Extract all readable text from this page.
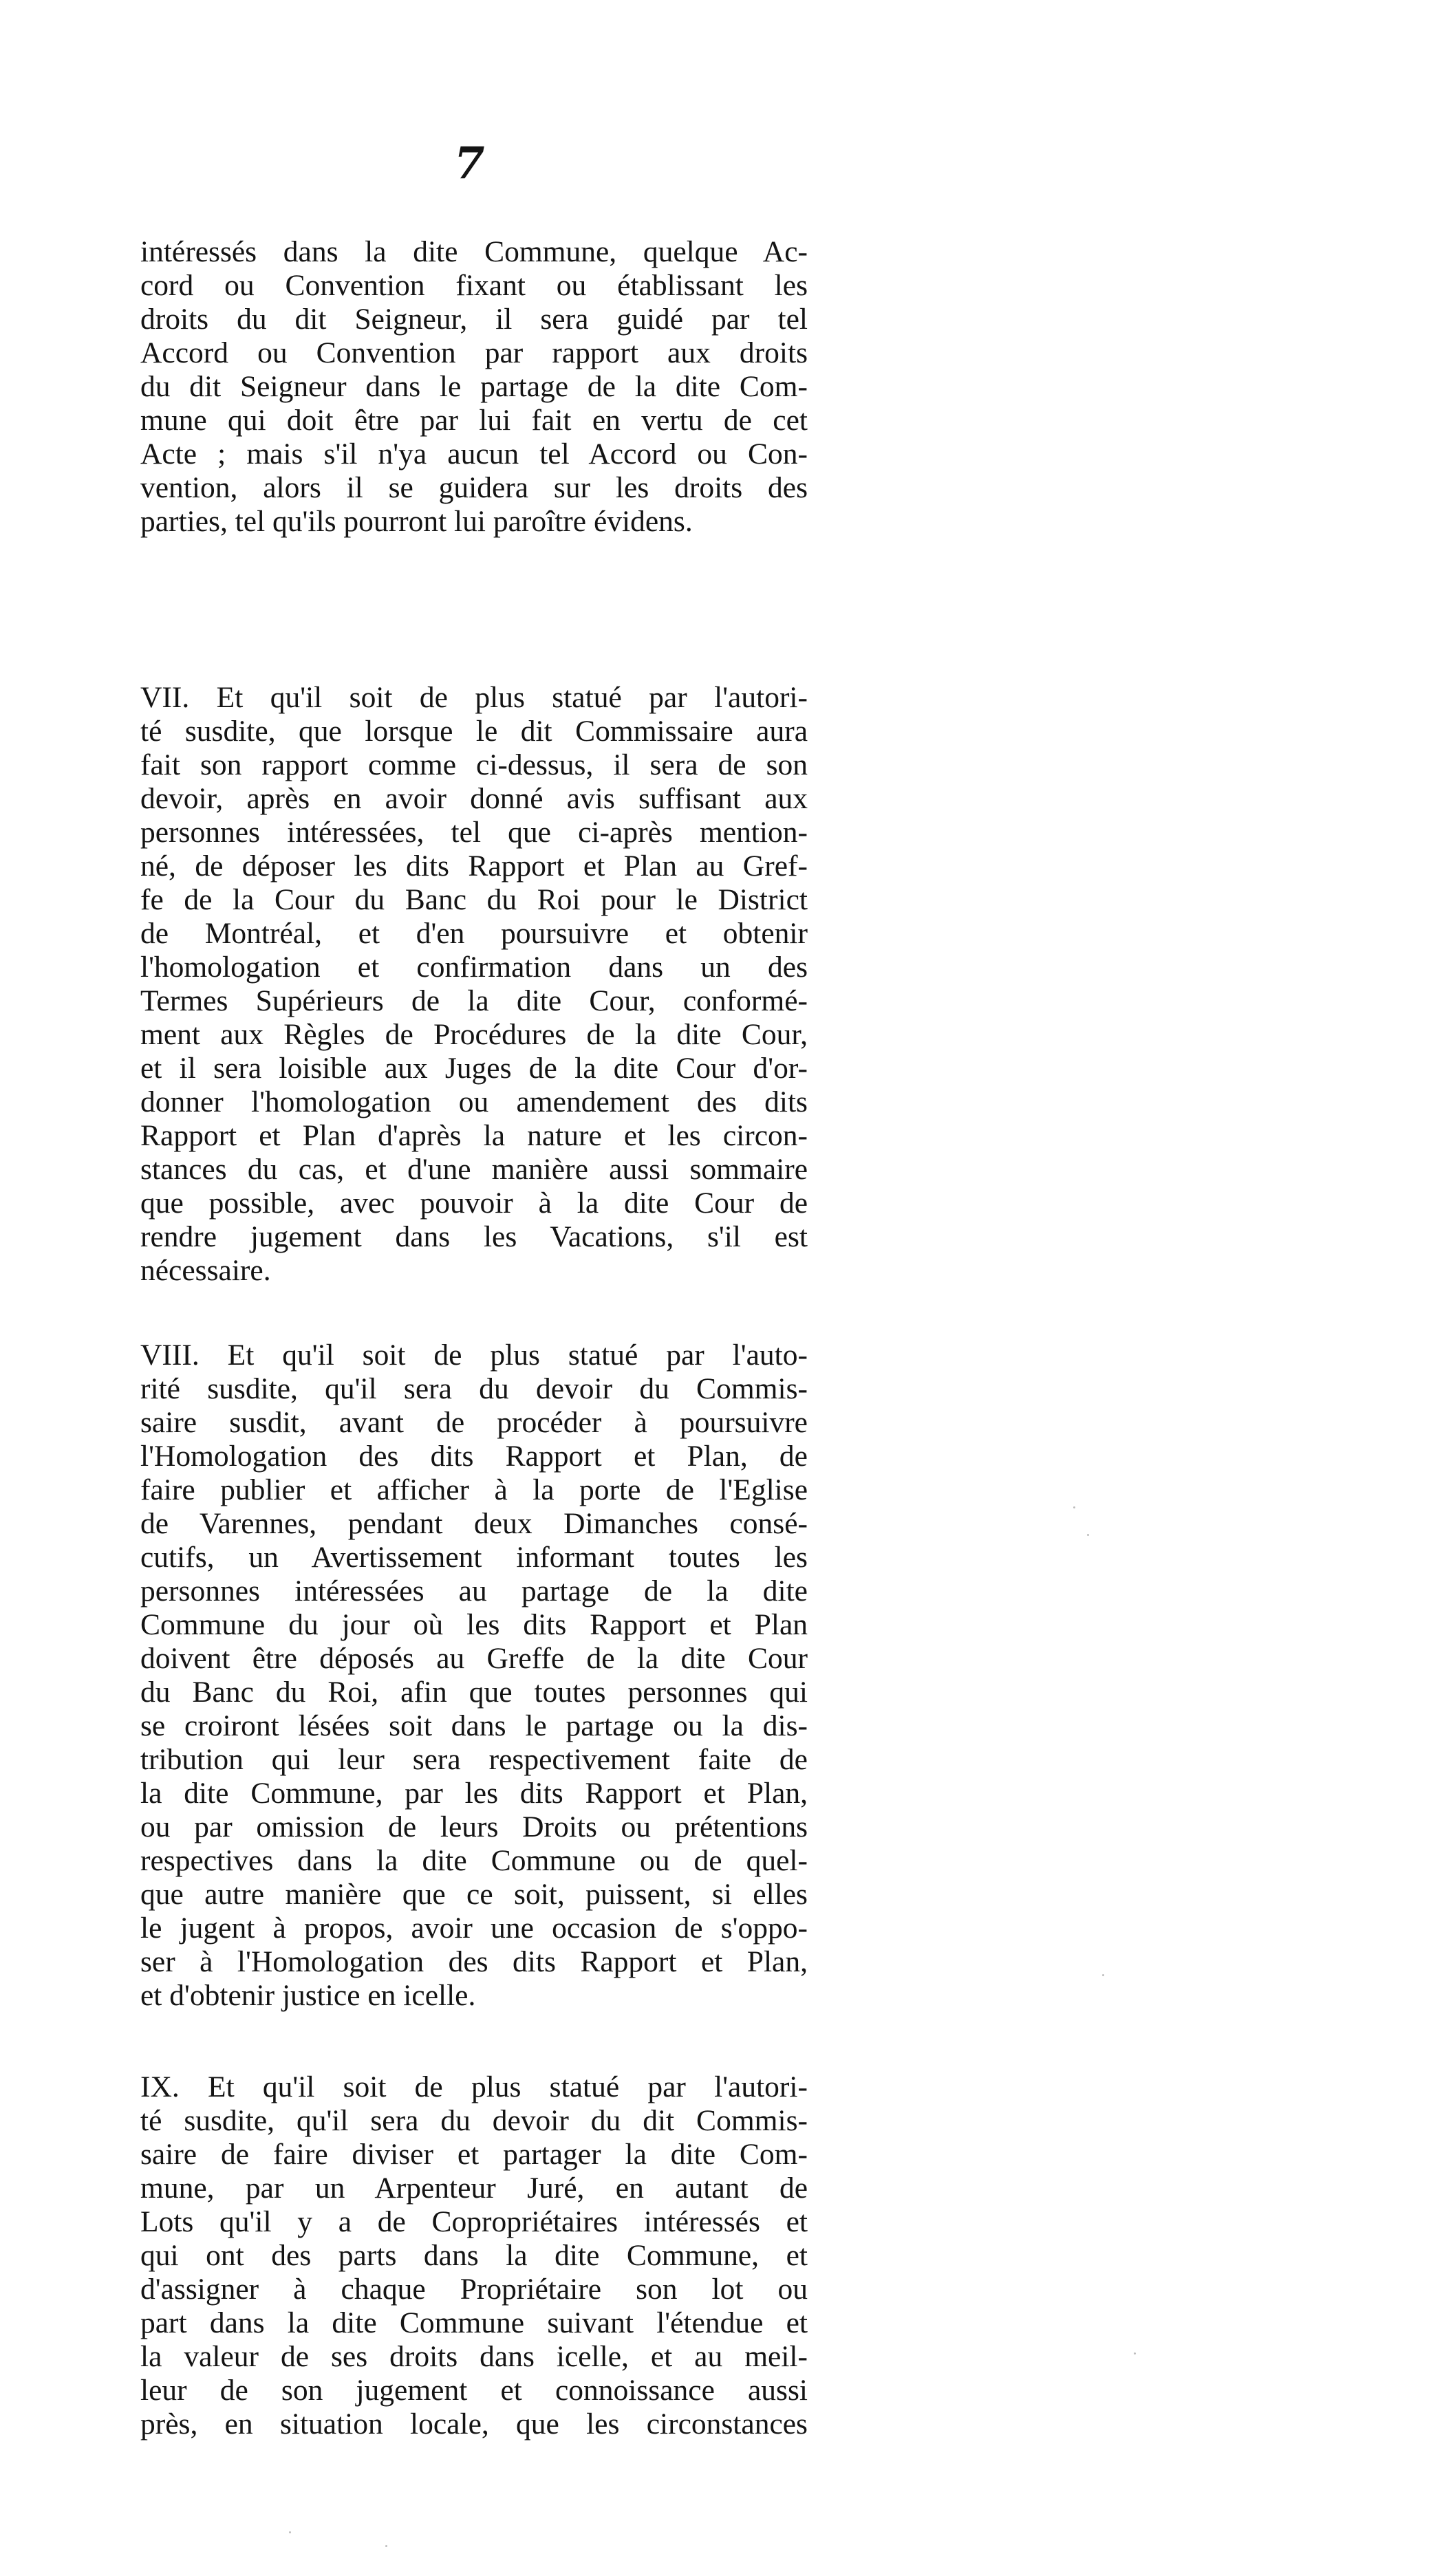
7
intéressés dans la dite Commune, quelque Ac-
cord ou Convention fixant ou établissant les
droits du dit Seigneur, il sera guidé par tel
Accord ou Convention par rapport aux droits
du dit Seigneur dans le partage de la dite Com-
mune qui doit être par lui fait en vertu de cet
Acte ; mais s'il n'ya aucun tel Accord ou Con-
vention, alors il se guidera sur les droits des
parties, tel qu'ils pourront lui paroître évidens.
VII. Et qu'il soit de plus statué par l'autori-
té susdite, que lorsque le dit Commissaire aura
fait son rapport comme ci-dessus, il sera de son
devoir, après en avoir donné avis suffisant aux
personnes intéressées, tel que ci-après mention-
né, de déposer les dits Rapport et Plan au Gref-
fe de la Cour du Banc du Roi pour le District
de Montréal, et d'en poursuivre et obtenir
l'homologation et confirmation dans un des
Termes Supérieurs de la dite Cour, conformé-
ment aux Règles de Procédures de la dite Cour,
et il sera loisible aux Juges de la dite Cour d'or-
donner l'homologation ou amendement des dits
Rapport et Plan d'après la nature et les circon-
stances du cas, et d'une manière aussi sommaire
que possible, avec pouvoir à la dite Cour de
rendre jugement dans les Vacations, s'il est
nécessaire.
VIII. Et qu'il soit de plus statué par l'auto-
rité susdite, qu'il sera du devoir du Commis-
saire susdit, avant de procéder à poursuivre
l'Homologation des dits Rapport et Plan, de
faire publier et afficher à la porte de l'Eglise
de Varennes, pendant deux Dimanches consé-
cutifs, un Avertissement informant toutes les
personnes intéressées au partage de la dite
Commune du jour où les dits Rapport et Plan
doivent être déposés au Greffe de la dite Cour
du Banc du Roi, afin que toutes personnes qui
se croiront lésées soit dans le partage ou la dis-
tribution qui leur sera respectivement faite de
la dite Commune, par les dits Rapport et Plan,
ou par omission de leurs Droits ou prétentions
respectives dans la dite Commune ou de quel-
que autre manière que ce soit, puissent, si elles
le jugent à propos, avoir une occasion de s'oppo-
ser à l'Homologation des dits Rapport et Plan,
et d'obtenir justice en icelle.
IX. Et qu'il soit de plus statué par l'autori-
té susdite, qu'il sera du devoir du dit Commis-
saire de faire diviser et partager la dite Com-
mune, par un Arpenteur Juré, en autant de
Lots qu'il y a de Copropriétaires intéressés et
qui ont des parts dans la dite Commune, et
d'assigner à chaque Propriétaire son lot ou
part dans la dite Commune suivant l'étendue et
la valeur de ses droits dans icelle, et au meil-
leur de son jugement et connoissance aussi
près, en situation locale, que les circonstances
